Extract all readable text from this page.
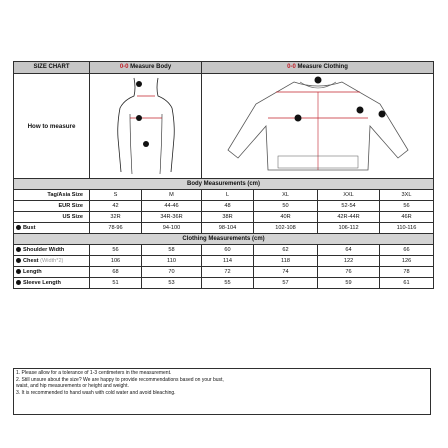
SIZE CHART	0-0 Measure Body		0-0 Measure Clothing			
How to measure	

Body Measurements (cm)						
Tag/Asia Size	S	M	L	XL	XXL	3XL
EUR Size	42	44-46	48	50	52-54	56
US Size	32R	34R-36R	38R	40R	42R-44R	46R
Bust	78-96	94-100	98-104	102-108	106-112	110-116
Clothing Measurements (cm)						
Shoulder Width	56	58	60	62	64	66
Chest (Width*2)	106	110	114	118	122	126
Length	68	70	72	74	76	78
Sleeve Length	51	53	55	57	59	61
1. Please allow for a tolerance of 1-3 centimeters in the measurement.
2. Still unsure about the size? We are happy to provide recommendations based on your bust,
waist, and hip measurements or height and weight.
3. It is recommended to hand wash with cold water and avoid bleaching.
